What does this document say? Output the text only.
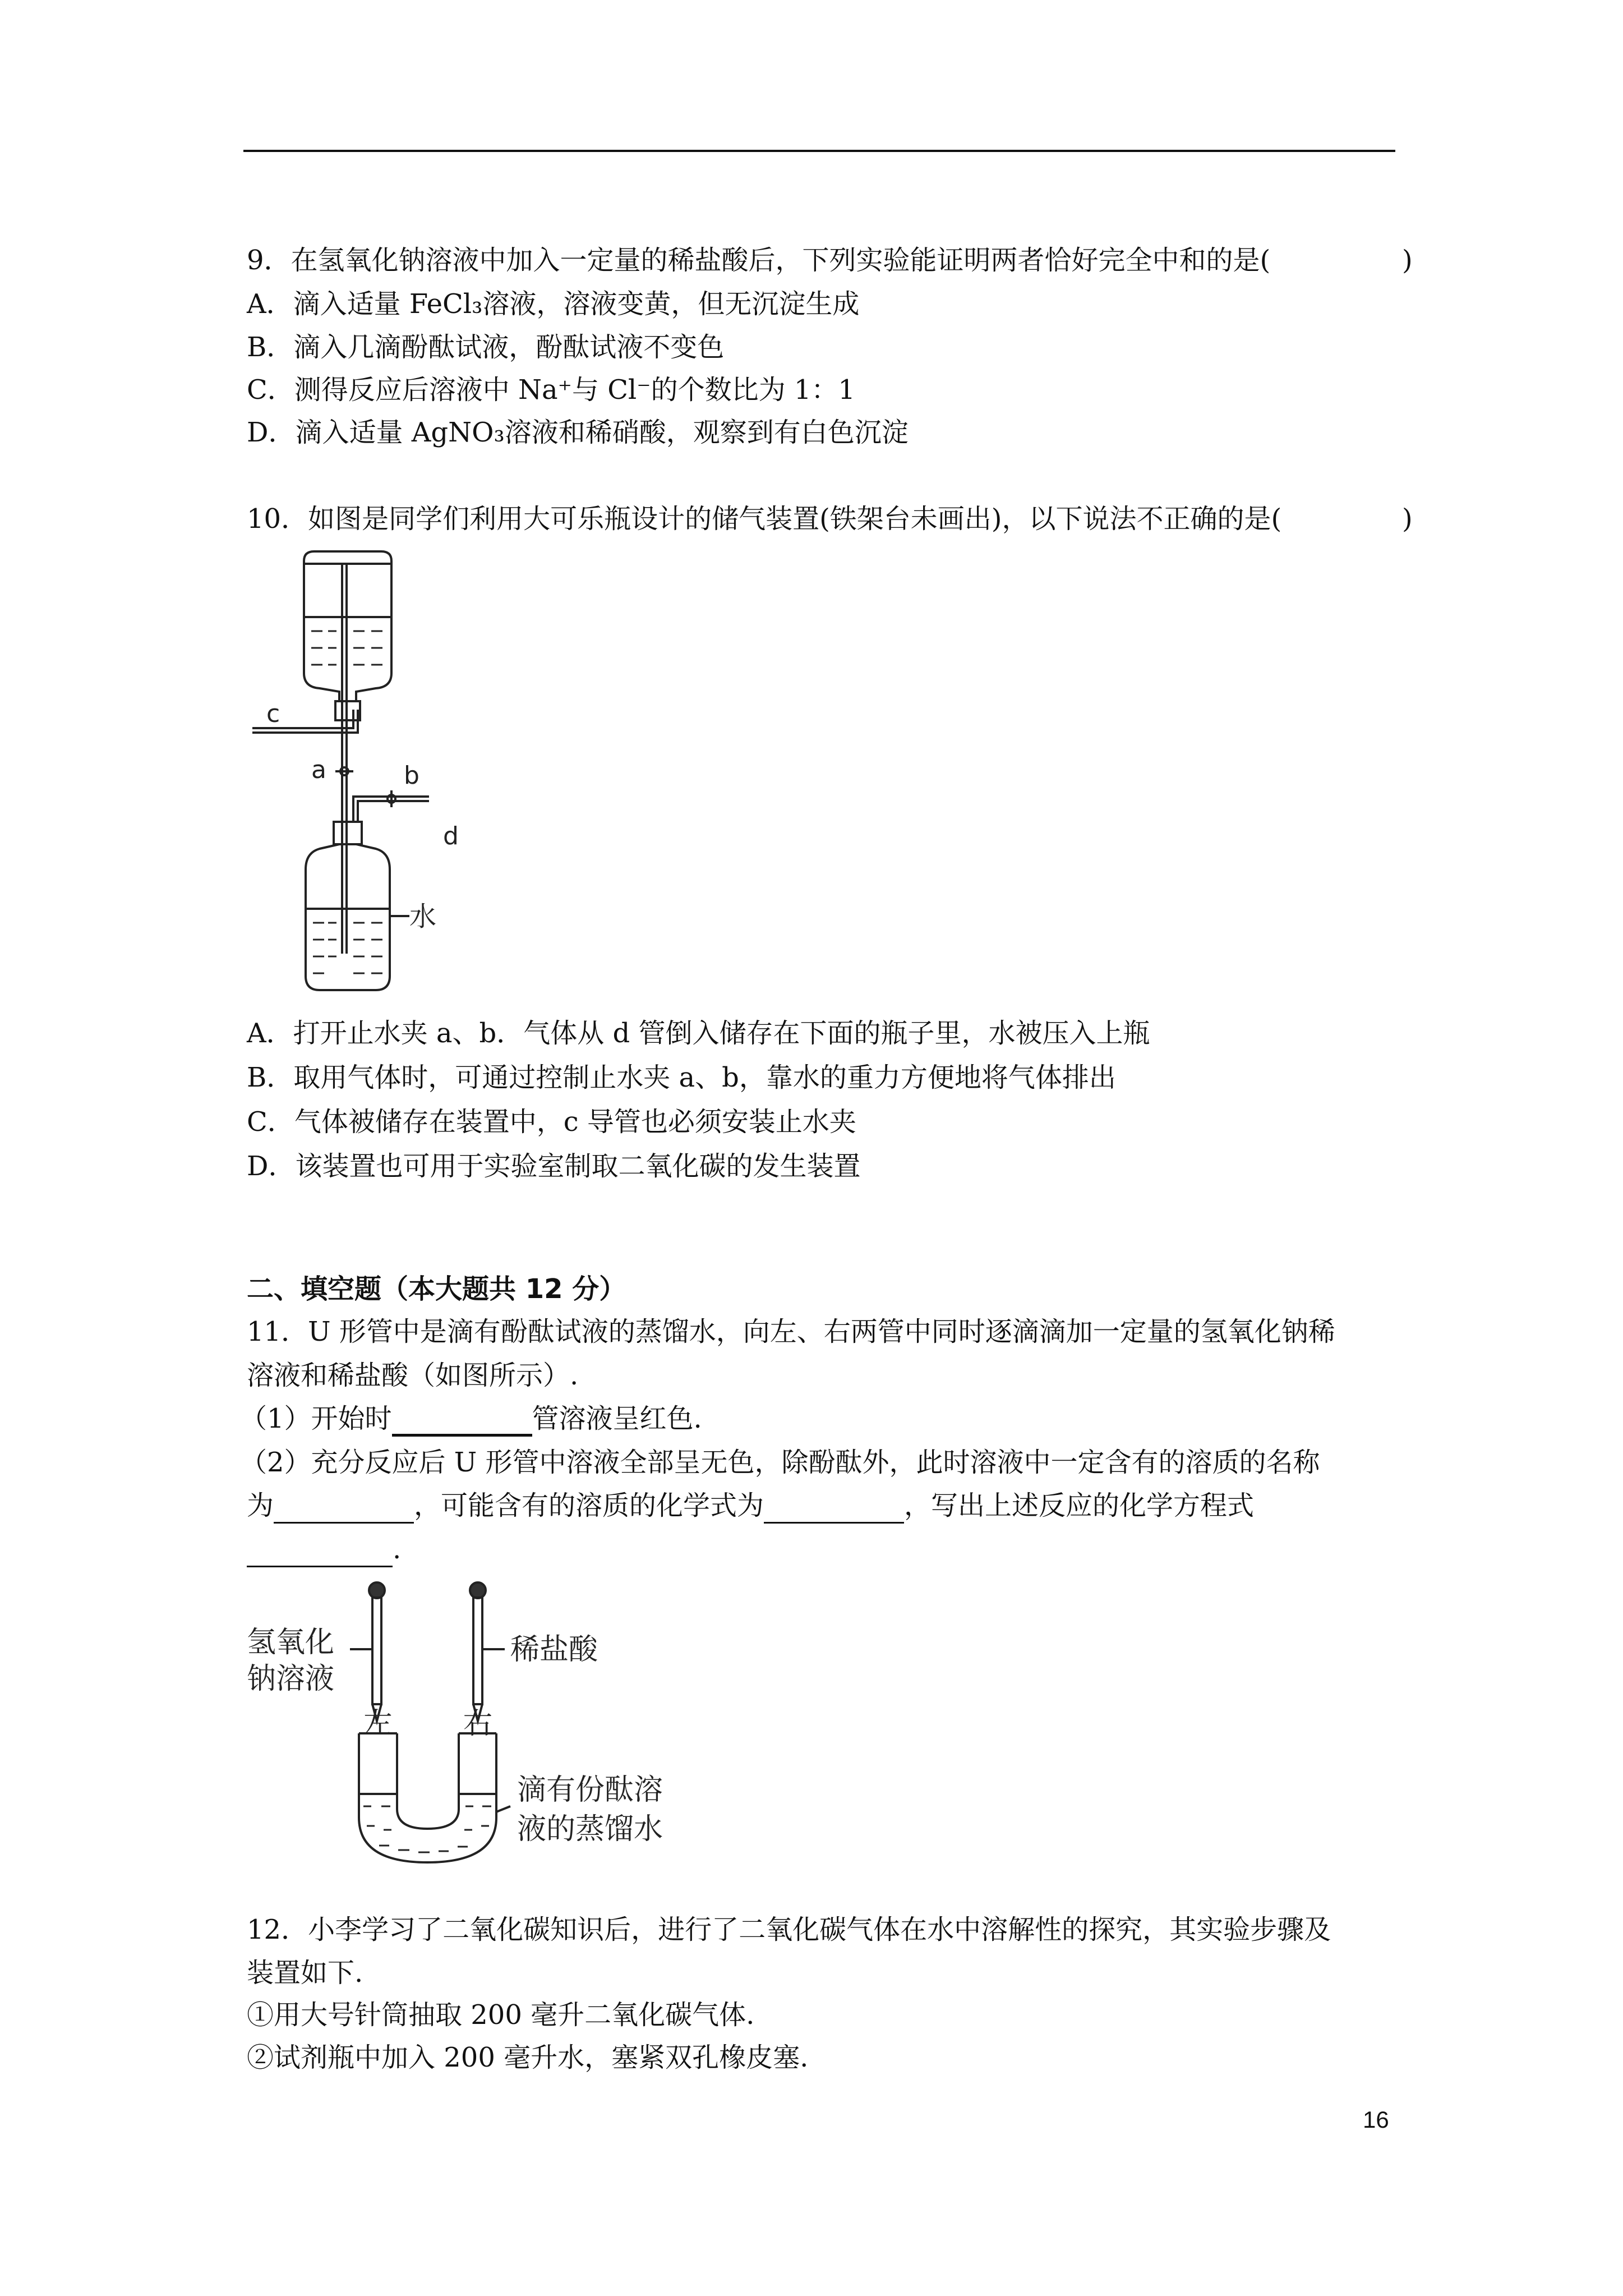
9．在氢氧化钠溶液中加入一定量的稀盐酸后，下列实验能证明两者恰好完全中和的是(	)
A．滴入适量 FeCl₃溶液，溶液变黄，但无沉淀生成
B．滴入几滴酚酞试液，酚酞试液不变色
C．测得反应后溶液中 Na⁺与 Cl⁻的个数比为 1：1
D．滴入适量 AgNO₃溶液和稀硝酸，观察到有白色沉淀
10．如图是同学们利用大可乐瓶设计的储气装置(铁架台未画出)，以下说法不正确的是(	)
c
a	b
d
水
A．打开止水夹 a、b．气体从 d 管倒入储存在下面的瓶子里，水被压入上瓶
B．取用气体时，可通过控制止水夹 a、b，靠水的重力方便地将气体排出
C．气体被储存在装置中，c 导管也必须安装止水夹
D．该装置也可用于实验室制取二氧化碳的发生装置
二、填空题（本大题共 12 分）
11．U 形管中是滴有酚酞试液的蒸馏水，向左、右两管中同时逐滴滴加一定量的氢氧化钠稀
溶液和稀盐酸（如图所示）.
（1）开始时	管溶液呈红色.
（2）充分反应后 U 形管中溶液全部呈无色，除酚酞外，此时溶液中一定含有的溶质的名称
为	，可能含有的溶质的化学式为	，写出上述反应的化学方程式
.
氢氧化
钠溶液
稀盐酸
左 右
滴有份酞溶
液的蒸馏水
12．小李学习了二氧化碳知识后，进行了二氧化碳气体在水中溶解性的探究，其实验步骤及
装置如下.
①用大号针筒抽取 200 毫升二氧化碳气体.
②试剂瓶中加入 200 毫升水，塞紧双孔橡皮塞.
16
